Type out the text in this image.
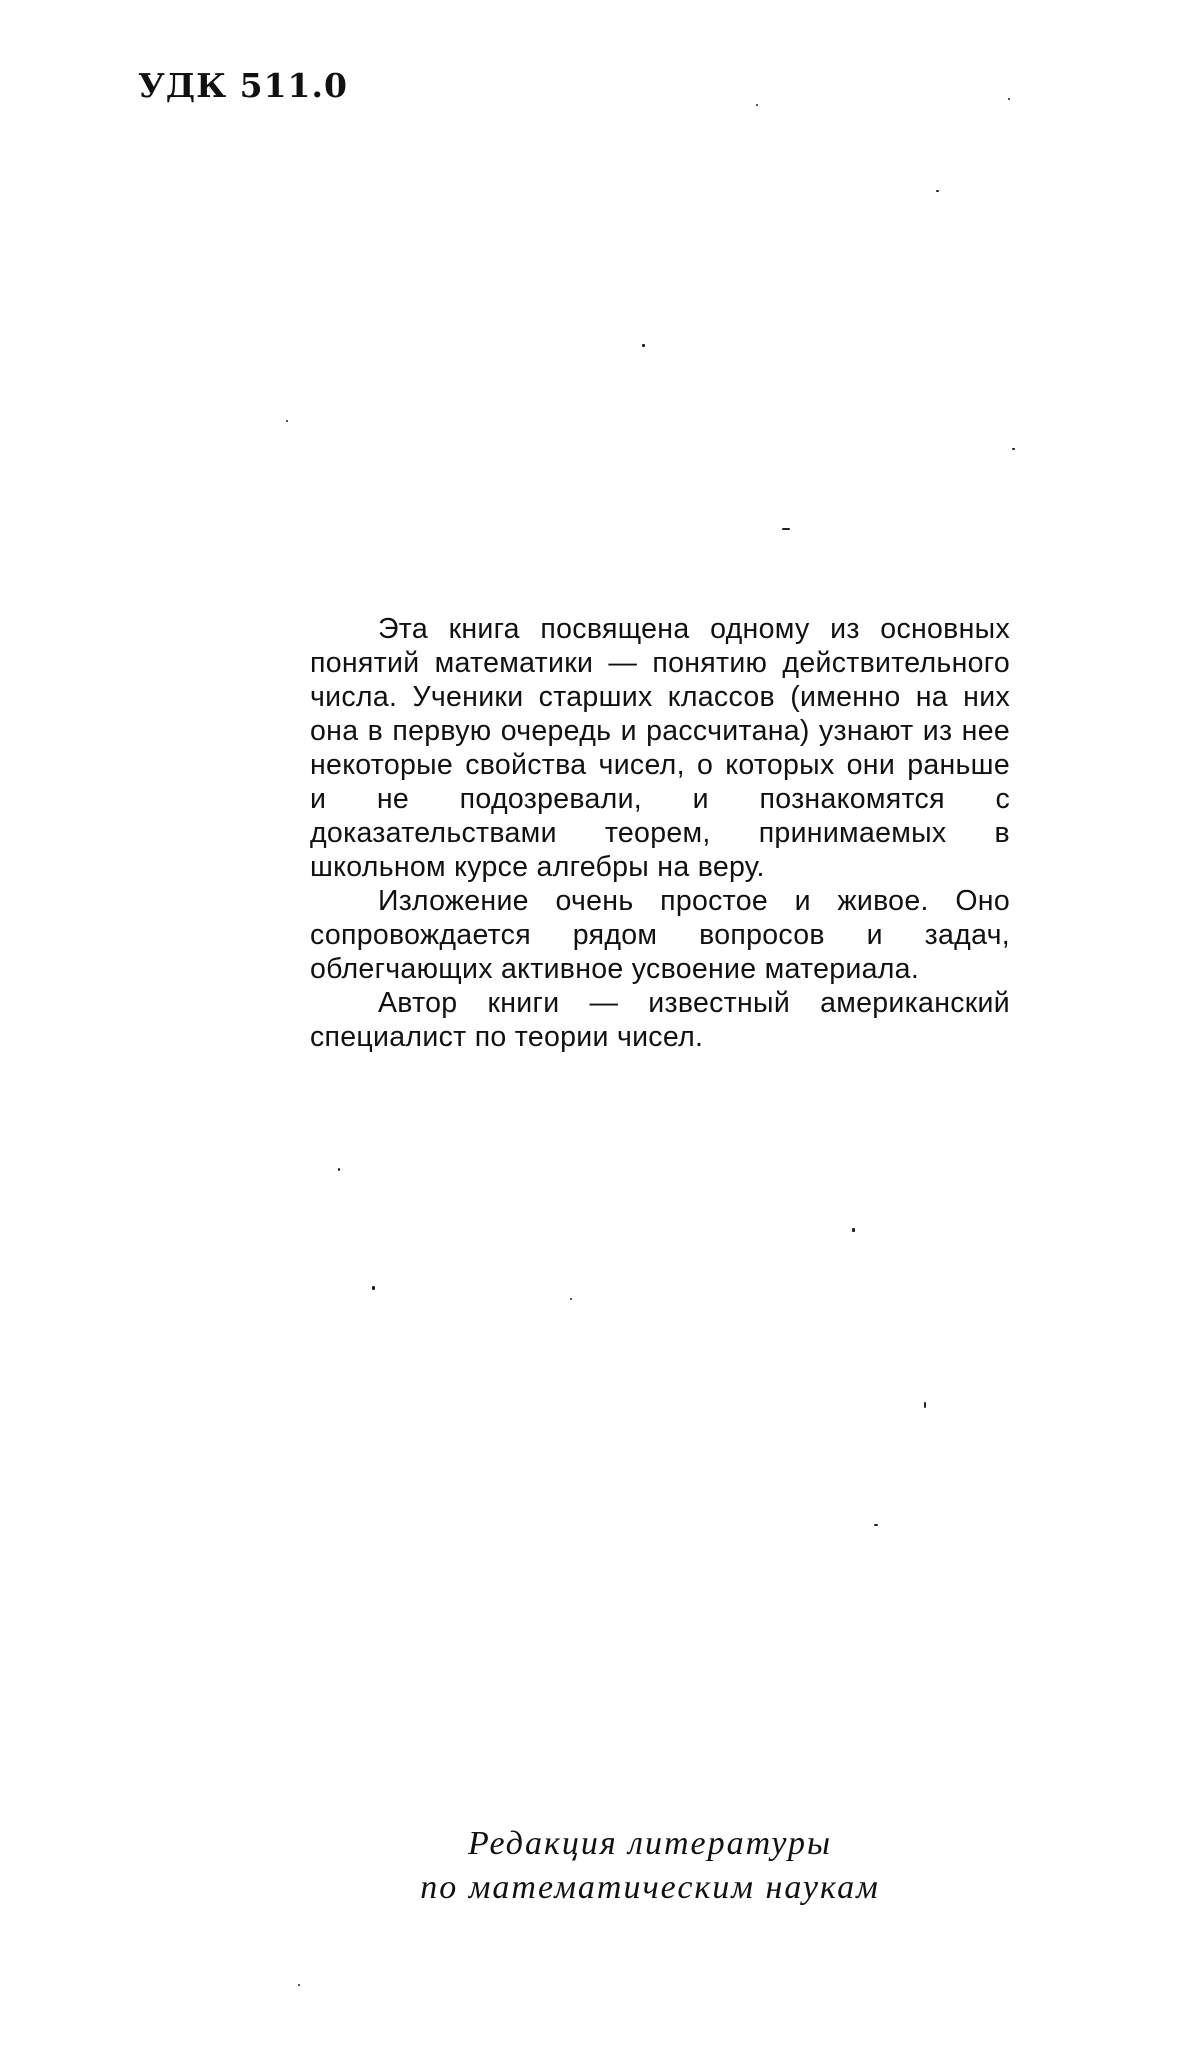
УДК 511.0

Эта книга посвящена одному из основных понятий математики — понятию действительного числа. Ученики старших классов (именно на них она в первую очередь и рассчитана) узнают из нее некоторые свойства чисел, о которых они раньше и не подозревали, и познакомятся с доказательствами теорем, принимаемых в школьном курсе алгебры на веру.

Изложение очень простое и живое. Оно сопровождается рядом вопросов и задач, облегчающих активное усвоение материала.

Автор книги — известный американский специалист по теории чисел.

Редакция литературы
по математическим наукам
